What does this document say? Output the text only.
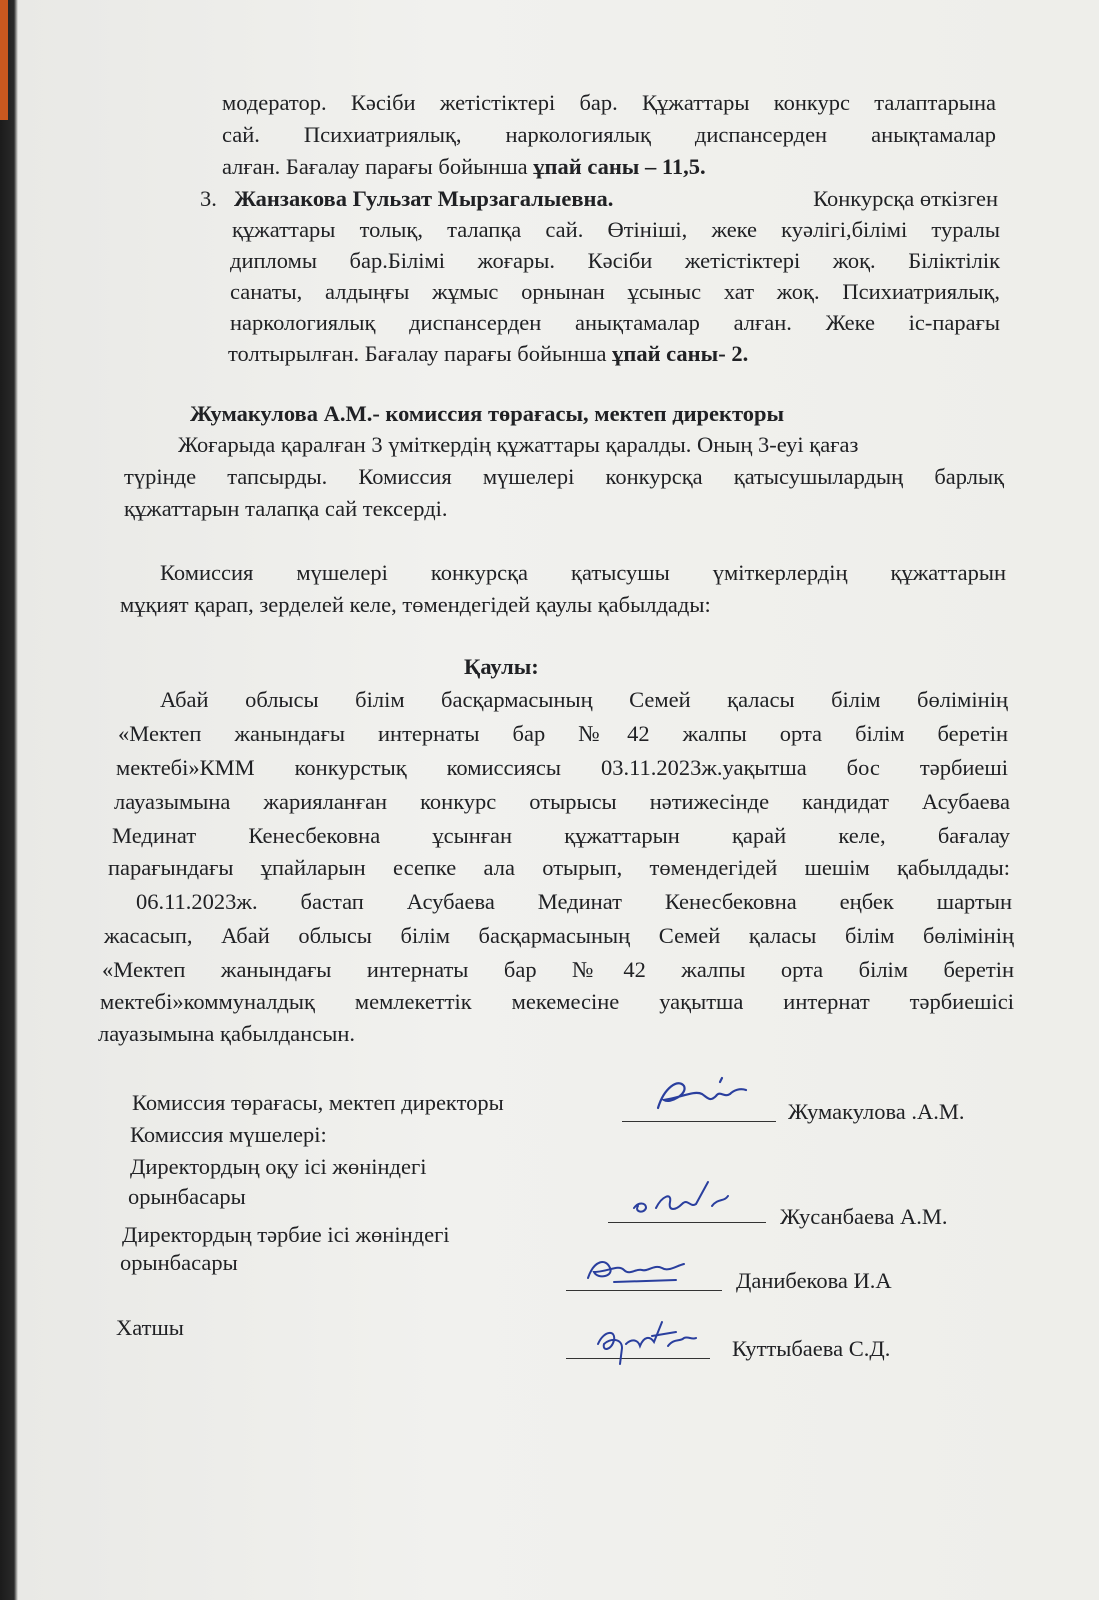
модератор. Кәсіби жетістіктері бар. Құжаттары конкурс талаптарына
сай. Психиатриялық, наркологиялық диспансерден анықтамалар
алған. Бағалау парағы бойынша ұпай саны – 11,5.
3. Жанзакова Гульзат Мырзагалыевна.	Конкурсқа өткізген
құжаттары толық, талапқа сай. Өтініші, жеке куәлігі,білімі туралы
дипломы бар.Білімі жоғары. Кәсіби жетістіктері жоқ. Біліктілік
санаты, алдыңғы жұмыс орнынан ұсыныс хат жоқ. Психиатриялық,
наркологиялық диспансерден анықтамалар алған. Жеке іс-парағы
толтырылған. Бағалау парағы бойынша ұпай саны- 2.
Жумакулова А.М.- комиссия төрағасы, мектеп директоры
Жоғарыда қаралған 3 үміткердің құжаттары қаралды. Оның 3-еуі қағаз
түрінде тапсырды. Комиссия мүшелері конкурсқа қатысушылардың барлық
құжаттарын талапқа сай тексерді.
Комиссия мүшелері конкурсқа қатысушы үміткерлердің құжаттарын
мұқият қарап, зерделей келе, төмендегідей қаулы қабылдады:
Қаулы:
Абай облысы білім басқармасының Семей қаласы білім бөлімінің
«Мектеп жанындағы интернаты бар №42 жалпы орта білім беретін
мектебі»КММ конкурстық комиссиясы 03.11.2023ж.уақытша бос тәрбиеші
лауазымына жарияланған конкурс отырысы нәтижесінде кандидат Асубаева
Мединат Кенесбековна ұсынған құжаттарын қарай келе, бағалау
парағындағы ұпайларын есепке ала отырып, төмендегідей шешім қабылдады:
06.11.2023ж. бастап Асубаева Мединат Кенесбековна еңбек шартын
жасасып, Абай облысы білім басқармасының Семей қаласы білім бөлімінің
«Мектеп жанындағы интернаты бар №42 жалпы орта білім беретін
мектебі»коммуналдық мемлекеттік мекемесіне уақытша интернат тәрбиешісі
лауазымына қабылдансын.
Комиссия төрағасы, мектеп директоры	Жумакулова .А.М.
Комиссия мүшелері:
Директордың оқу ісі жөніндегі
орынбасары
Жусанбаева А.М.
Директордың тәрбие ісі жөніндегі
орынбасары
Данибекова И.А
Хатшы
Куттыбаева С.Д.
